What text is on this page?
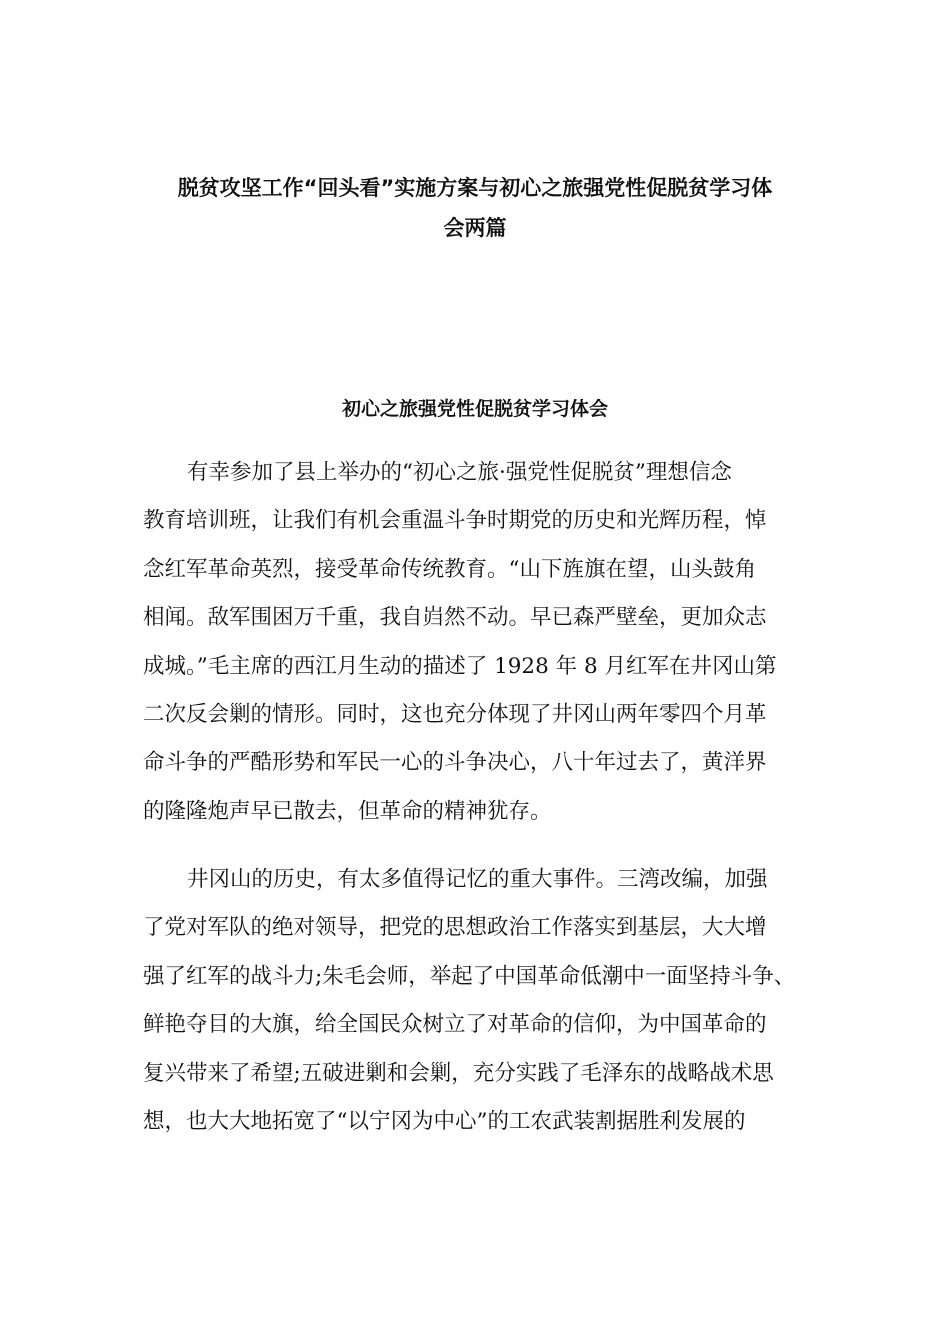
脱贫攻坚工作“回头看”实施方案与初心之旅强党性促脱贫学习体
会两篇
初心之旅强党性促脱贫学习体会
有幸参加了县上举办的“初心之旅·强党性促脱贫”理想信念
教育培训班，让我们有机会重温斗争时期党的历史和光辉历程，悼
念红军革命英烈，接受革命传统教育。“山下旌旗在望，山头鼓角
相闻。敌军围困万千重，我自岿然不动。早已森严壁垒，更加众志
成城。”毛主席的西江月生动的描述了 1928 年 8 月红军在井冈山第
二次反会剿的情形。同时，这也充分体现了井冈山两年零四个月革
命斗争的严酷形势和军民一心的斗争决心，八十年过去了，黄洋界
的隆隆炮声早已散去，但革命的精神犹存。
井冈山的历史，有太多值得记忆的重大事件。三湾改编，加强
了党对军队的绝对领导，把党的思想政治工作落实到基层，大大增
强了红军的战斗力;朱毛会师，举起了中国革命低潮中一面坚持斗争、
鲜艳夺目的大旗，给全国民众树立了对革命的信仰，为中国革命的
复兴带来了希望;五破进剿和会剿，充分实践了毛泽东的战略战术思
想，也大大地拓宽了“以宁冈为中心”的工农武装割据胜利发展的
